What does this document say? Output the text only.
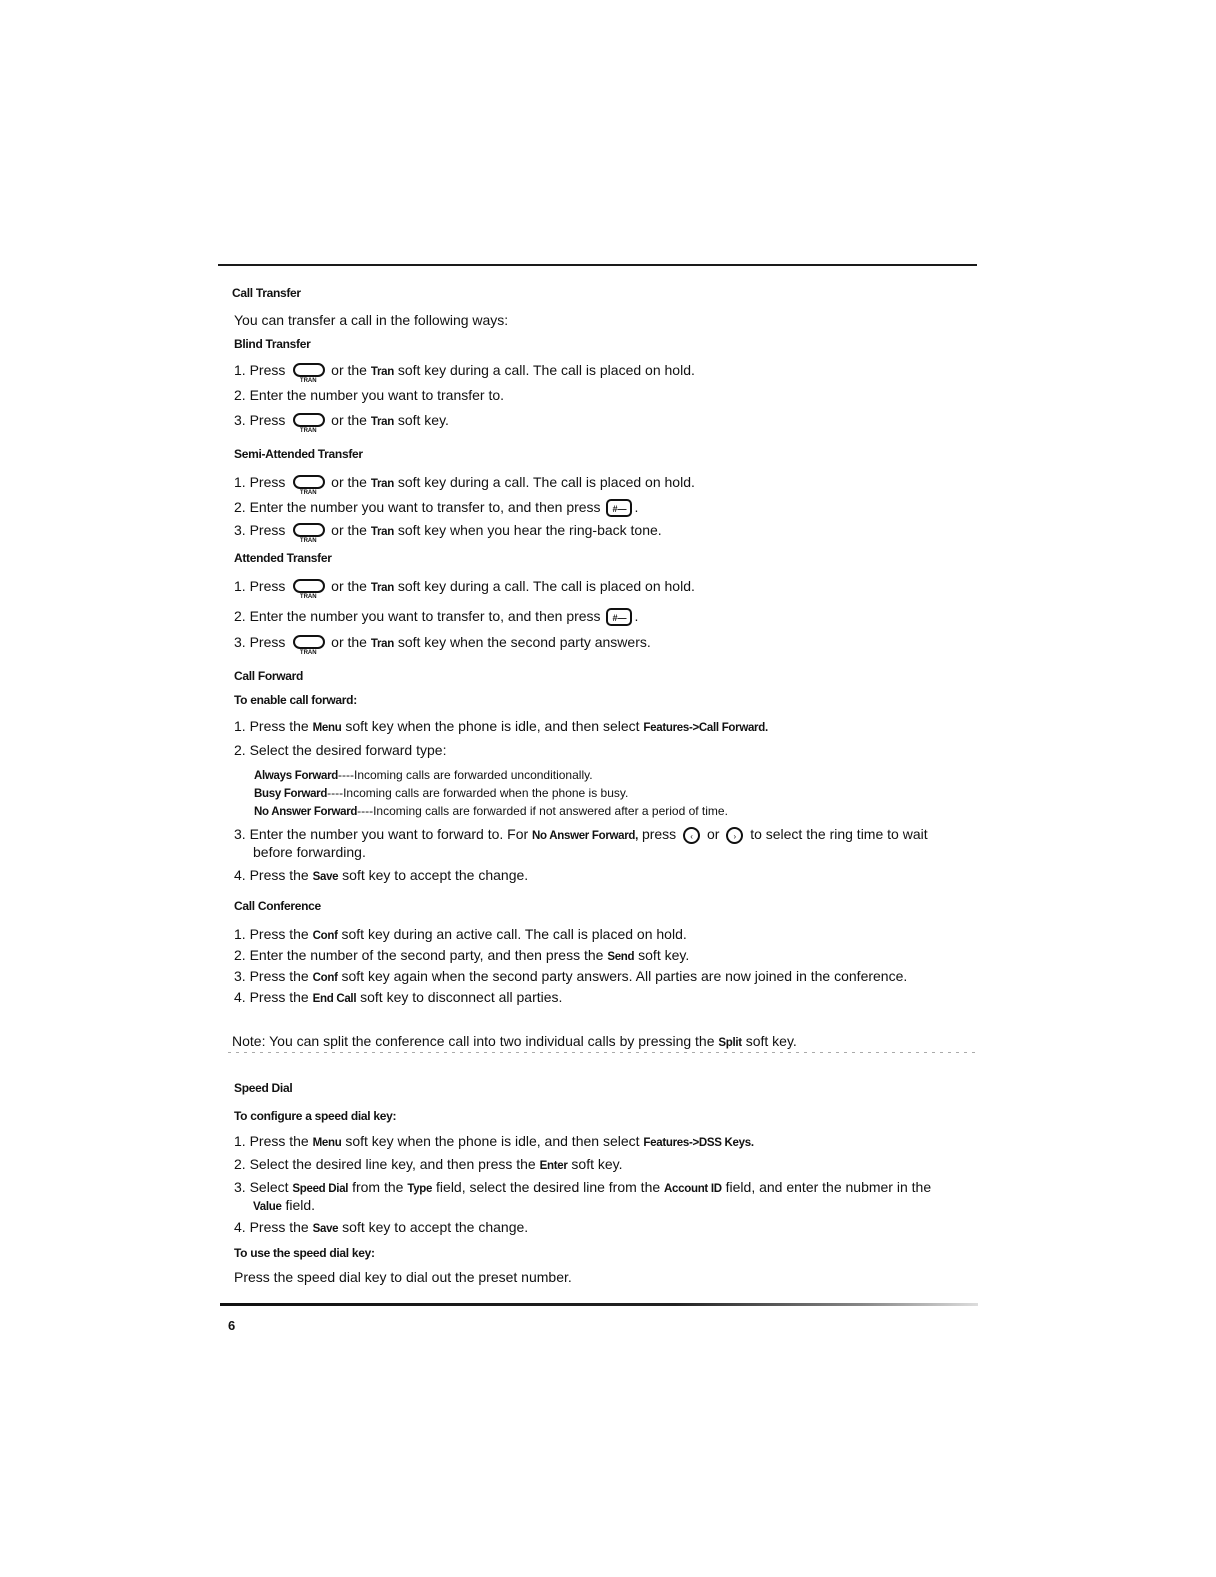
Call Transfer
You can transfer a call in the following ways:
Blind Transfer
1. Press
TRAN
or the Tran soft key during a call. The call is placed on hold.
2. Enter the number you want to transfer to.
3. Press
TRAN
or the Tran soft key.
Semi-Attended Transfer
1. Press
TRAN
or the Tran soft key during a call. The call is placed on hold.
2. Enter the number you want to transfer to, and then press #— .
3. Press
TRAN
or the Tran soft key when you hear the ring-back tone.
Attended Transfer
1. Press
TRAN
or the Tran soft key during a call. The call is placed on hold.
2. Enter the number you want to transfer to, and then press #— .
3. Press
TRAN
or the Tran soft key when the second party answers.
Call Forward
To enable call forward:
1. Press the Menu soft key when the phone is idle, and then select Features->Call Forward.
2. Select the desired forward type:
Always Forward----Incoming calls are forwarded unconditionally.
Busy Forward----Incoming calls are forwarded when the phone is busy.
No Answer Forward----Incoming calls are forwarded if not answered after a period of time.
3. Enter the number you want to forward to. For No Answer Forward, press ‹ or › to select the ring time to wait
before forwarding.
4. Press the Save soft key to accept the change.
Call Conference
1. Press the Conf soft key during an active call. The call is placed on hold.
2. Enter the number of the second party, and then press the Send soft key.
3. Press the Conf soft key again when the second party answers. All parties are now joined in the conference.
4. Press the End Call soft key to disconnect all parties.
Note: You can split the conference call into two individual calls by pressing the Split soft key.
Speed Dial
To configure a speed dial key:
1. Press the Menu soft key when the phone is idle, and then select Features->DSS Keys.
2. Select the desired line key, and then press the Enter soft key.
3. Select Speed Dial from the Type field, select the desired line from the Account ID field, and enter the nubmer in the
Value field.
4. Press the Save soft key to accept the change.
To use the speed dial key:
Press the speed dial key to dial out the preset number.
6
